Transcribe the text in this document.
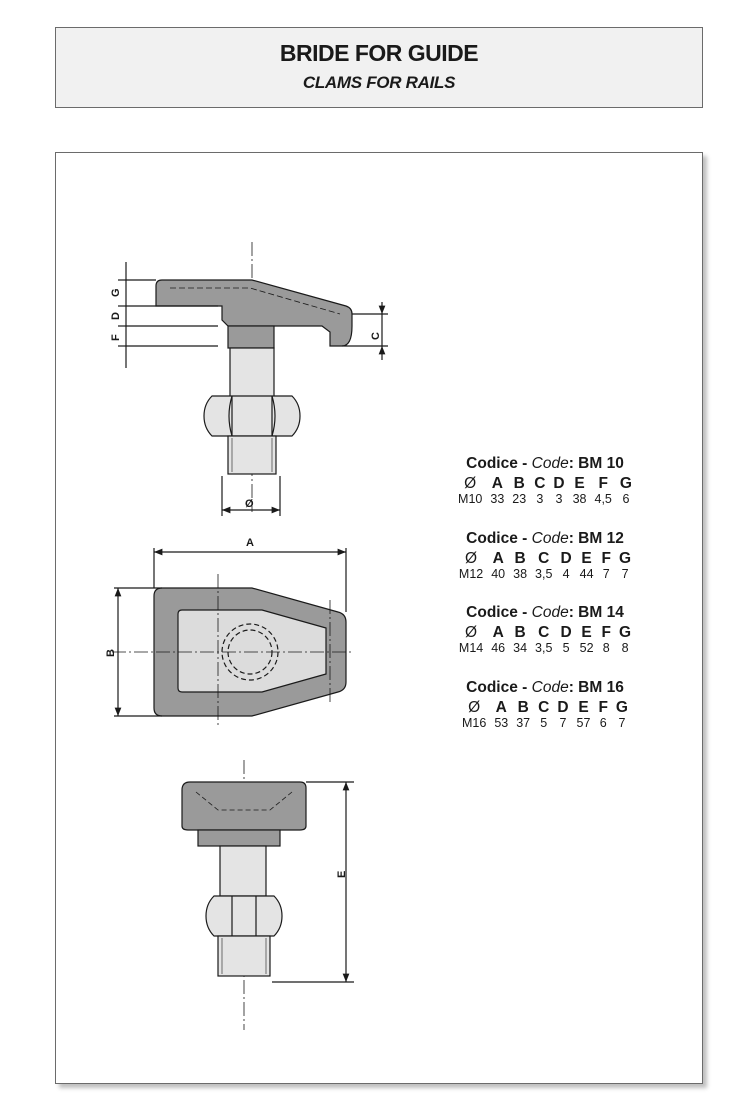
BRIDE FOR GUIDE
CLAMS FOR RAILS
G
D
F	C
Ø
A
B
E
Codice - Code: BM 10
Ø	A	B	C	D	E	F	G
M10	33	23	3	3	38	4,5	6
Codice - Code: BM 12
Ø	A	B	C	D	E	F	G
M12	40	38	3,5	4	44	7	7
Codice - Code: BM 14
Ø	A	B	C	D	E	F	G
M14	46	34	3,5	5	52	8	8
Codice - Code: BM 16
Ø	A	B	C	D	E	F	G
M16	53	37	5	7	57	6	7
